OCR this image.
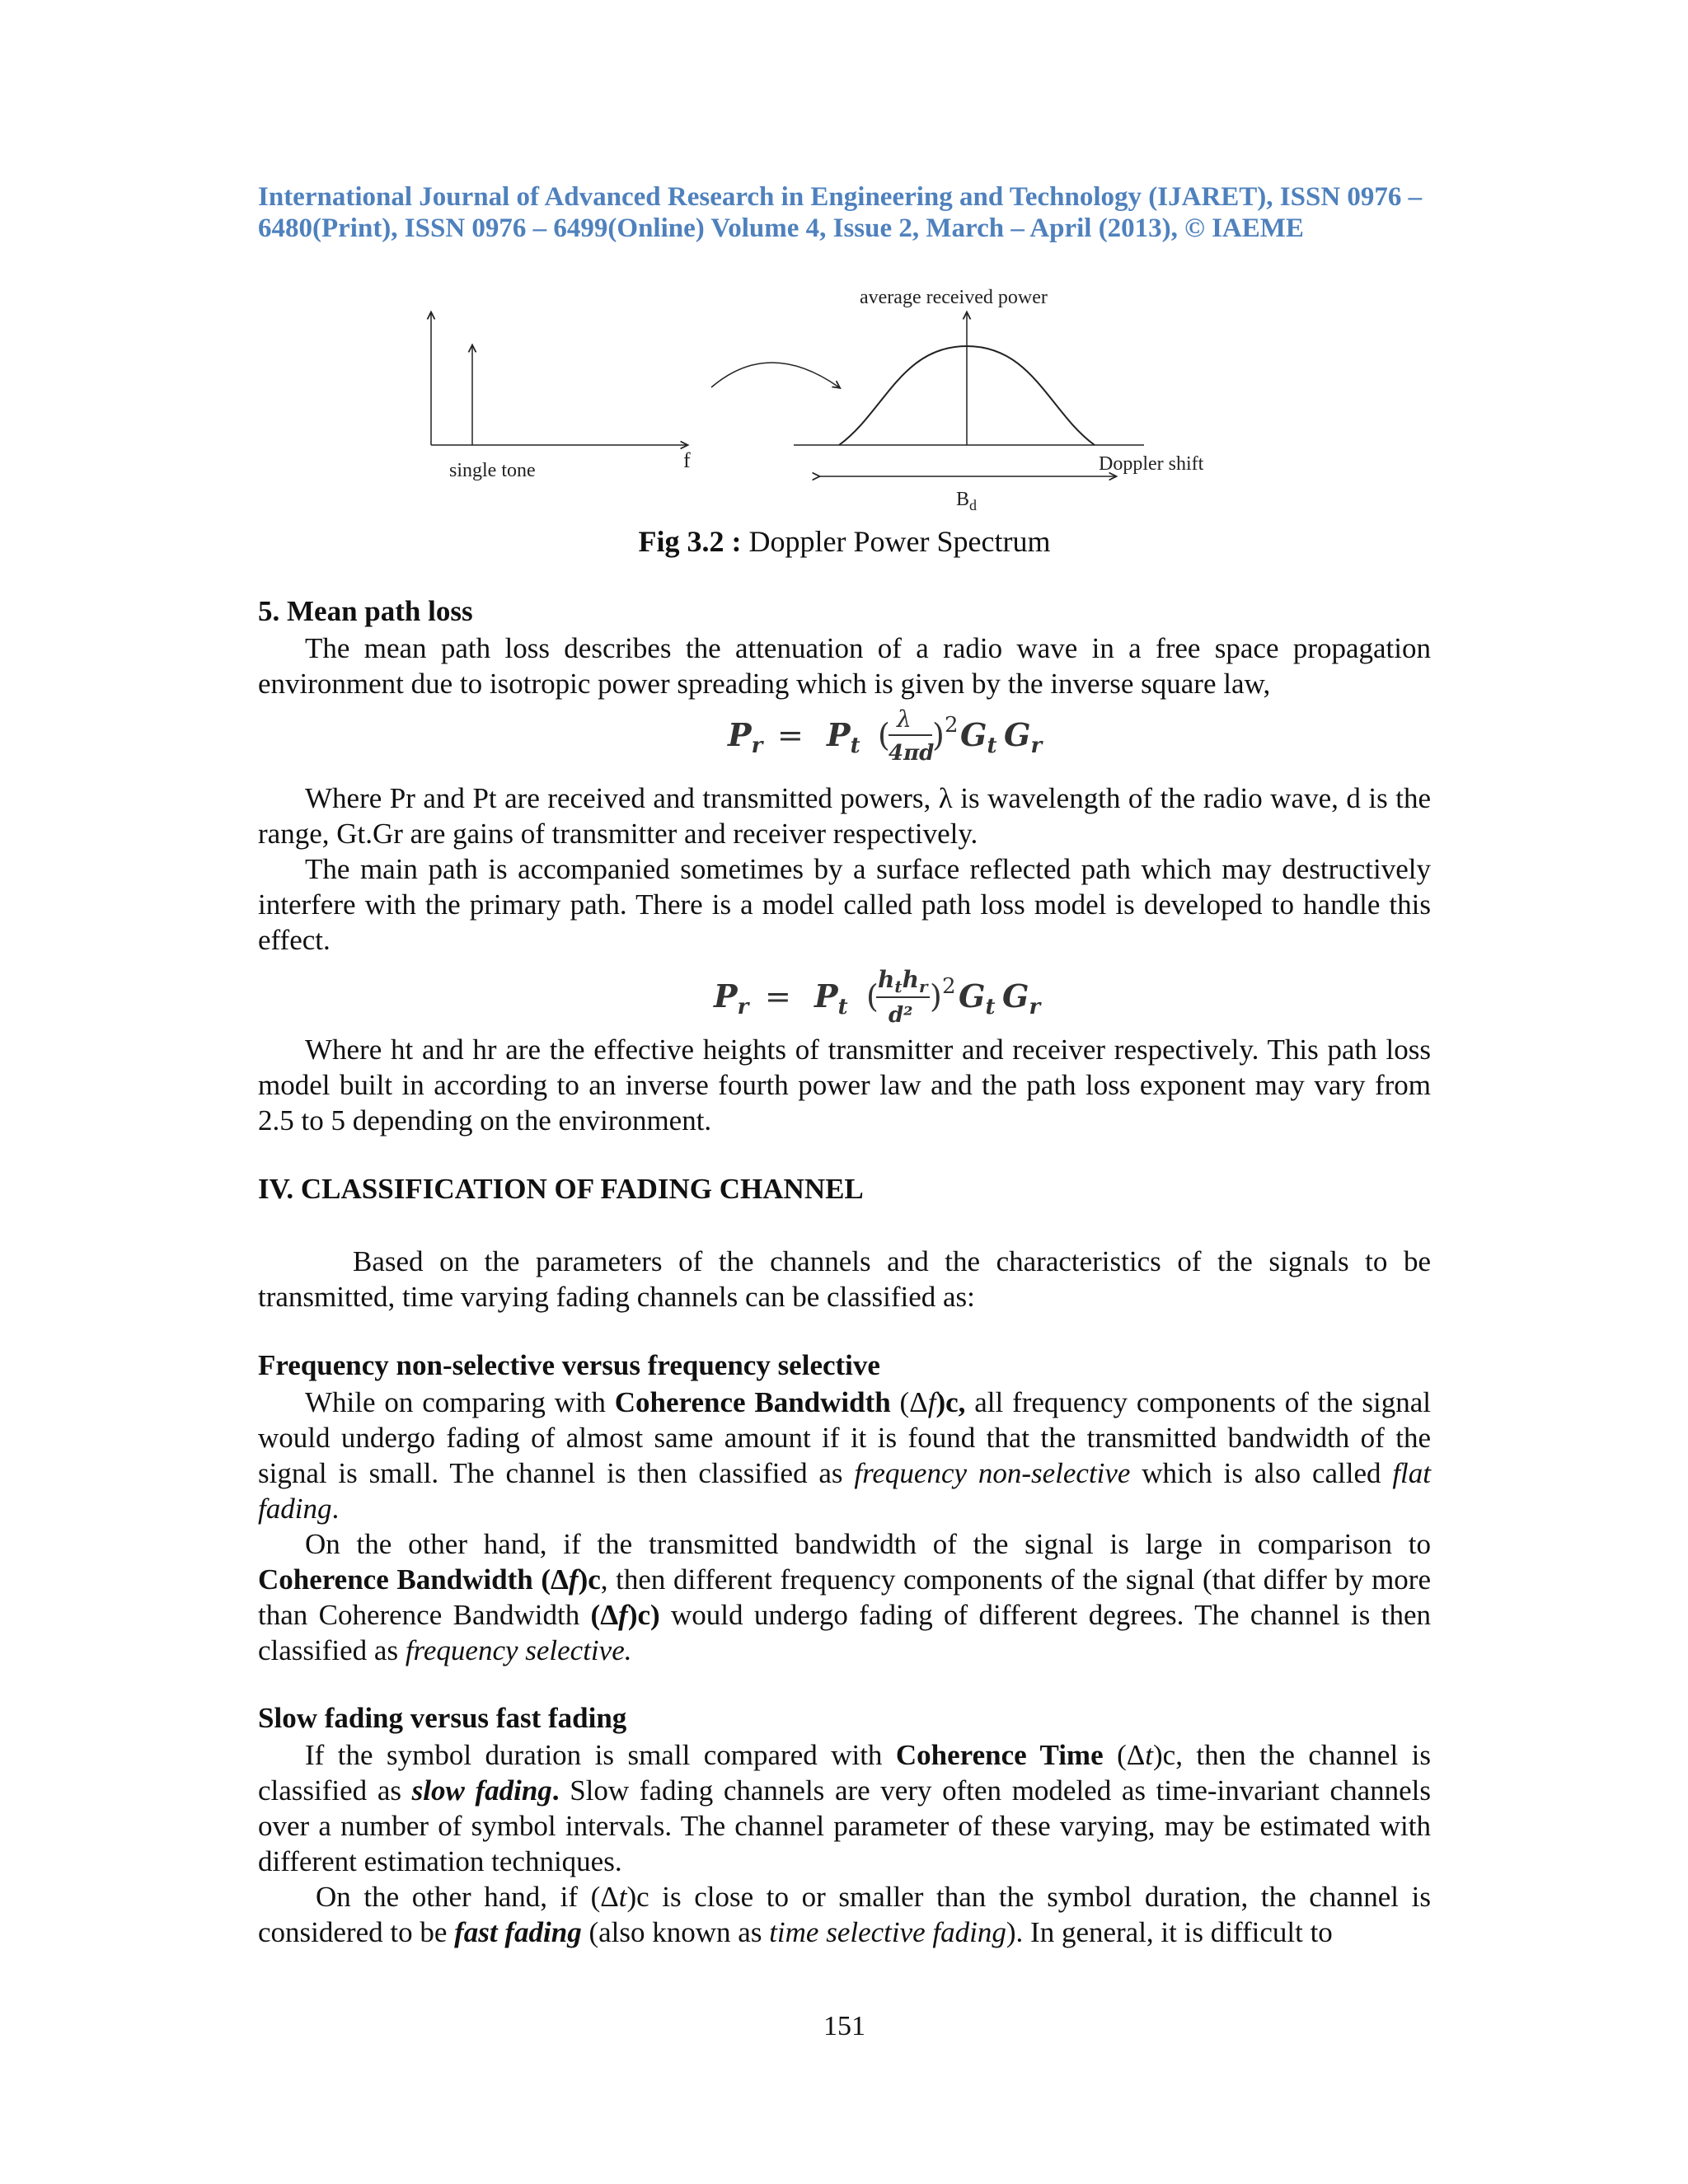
International Journal of Advanced Research in Engineering and Technology (IJARET), ISSN 0976 –
6480(Print), ISSN 0976 – 6499(Online) Volume 4, Issue 2, March – April (2013), © IAEME
single tone	f
average received power
Doppler shift
$B_d$
Fig 3.2 : Doppler Power Spectrum
5. Mean path loss
The mean path loss describes the attenuation of a radio wave in a free space propagation environment due to isotropic power spreading which is given by the inverse square law,
$P_r = P_t$ ( λ
4πd
) 2 $G_t$ $G_r$
Where Pr and Pt are received and transmitted powers, λ is wavelength of the radio wave, d is the range, Gt.Gr are gains of transmitter and receiver respectively.
The main path is accompanied sometimes by a surface reflected path which may destructively interfere with the primary path. There is a model called path loss model is developed to handle this effect.
$P_r = P_t$ ( $h_th_r$
d²
) 2 $G_t$ $G_r$
Where ht and hr are the effective heights of transmitter and receiver respectively. This path loss model built in according to an inverse fourth power law and the path loss exponent may vary from 2.5 to 5 depending on the environment.
IV. CLASSIFICATION OF FADING CHANNEL
Based on the parameters of the channels and the characteristics of the signals to be transmitted, time varying fading channels can be classified as:
Frequency non-selective versus frequency selective
While on comparing with Coherence Bandwidth (Δf)c, all frequency components of the signal would undergo fading of almost same amount if it is found that the transmitted bandwidth of the signal is small. The channel is then classified as frequency non-selective which is also called flat fading.
On the other hand, if the transmitted bandwidth of the signal is large in comparison to Coherence Bandwidth (Δf)c, then different frequency components of the signal (that differ by more than Coherence Bandwidth (Δf)c) would undergo fading of different degrees. The channel is then classified as frequency selective.
Slow fading versus fast fading
If the symbol duration is small compared with Coherence Time (Δt)c, then the channel is classified as slow fading. Slow fading channels are very often modeled as time-invariant channels over a number of symbol intervals. The channel parameter of these varying, may be estimated with different estimation techniques.
On the other hand, if (Δt)c is close to or smaller than the symbol duration, the channel is considered to be fast fading (also known as time selective fading). In general, it is difficult to
151
